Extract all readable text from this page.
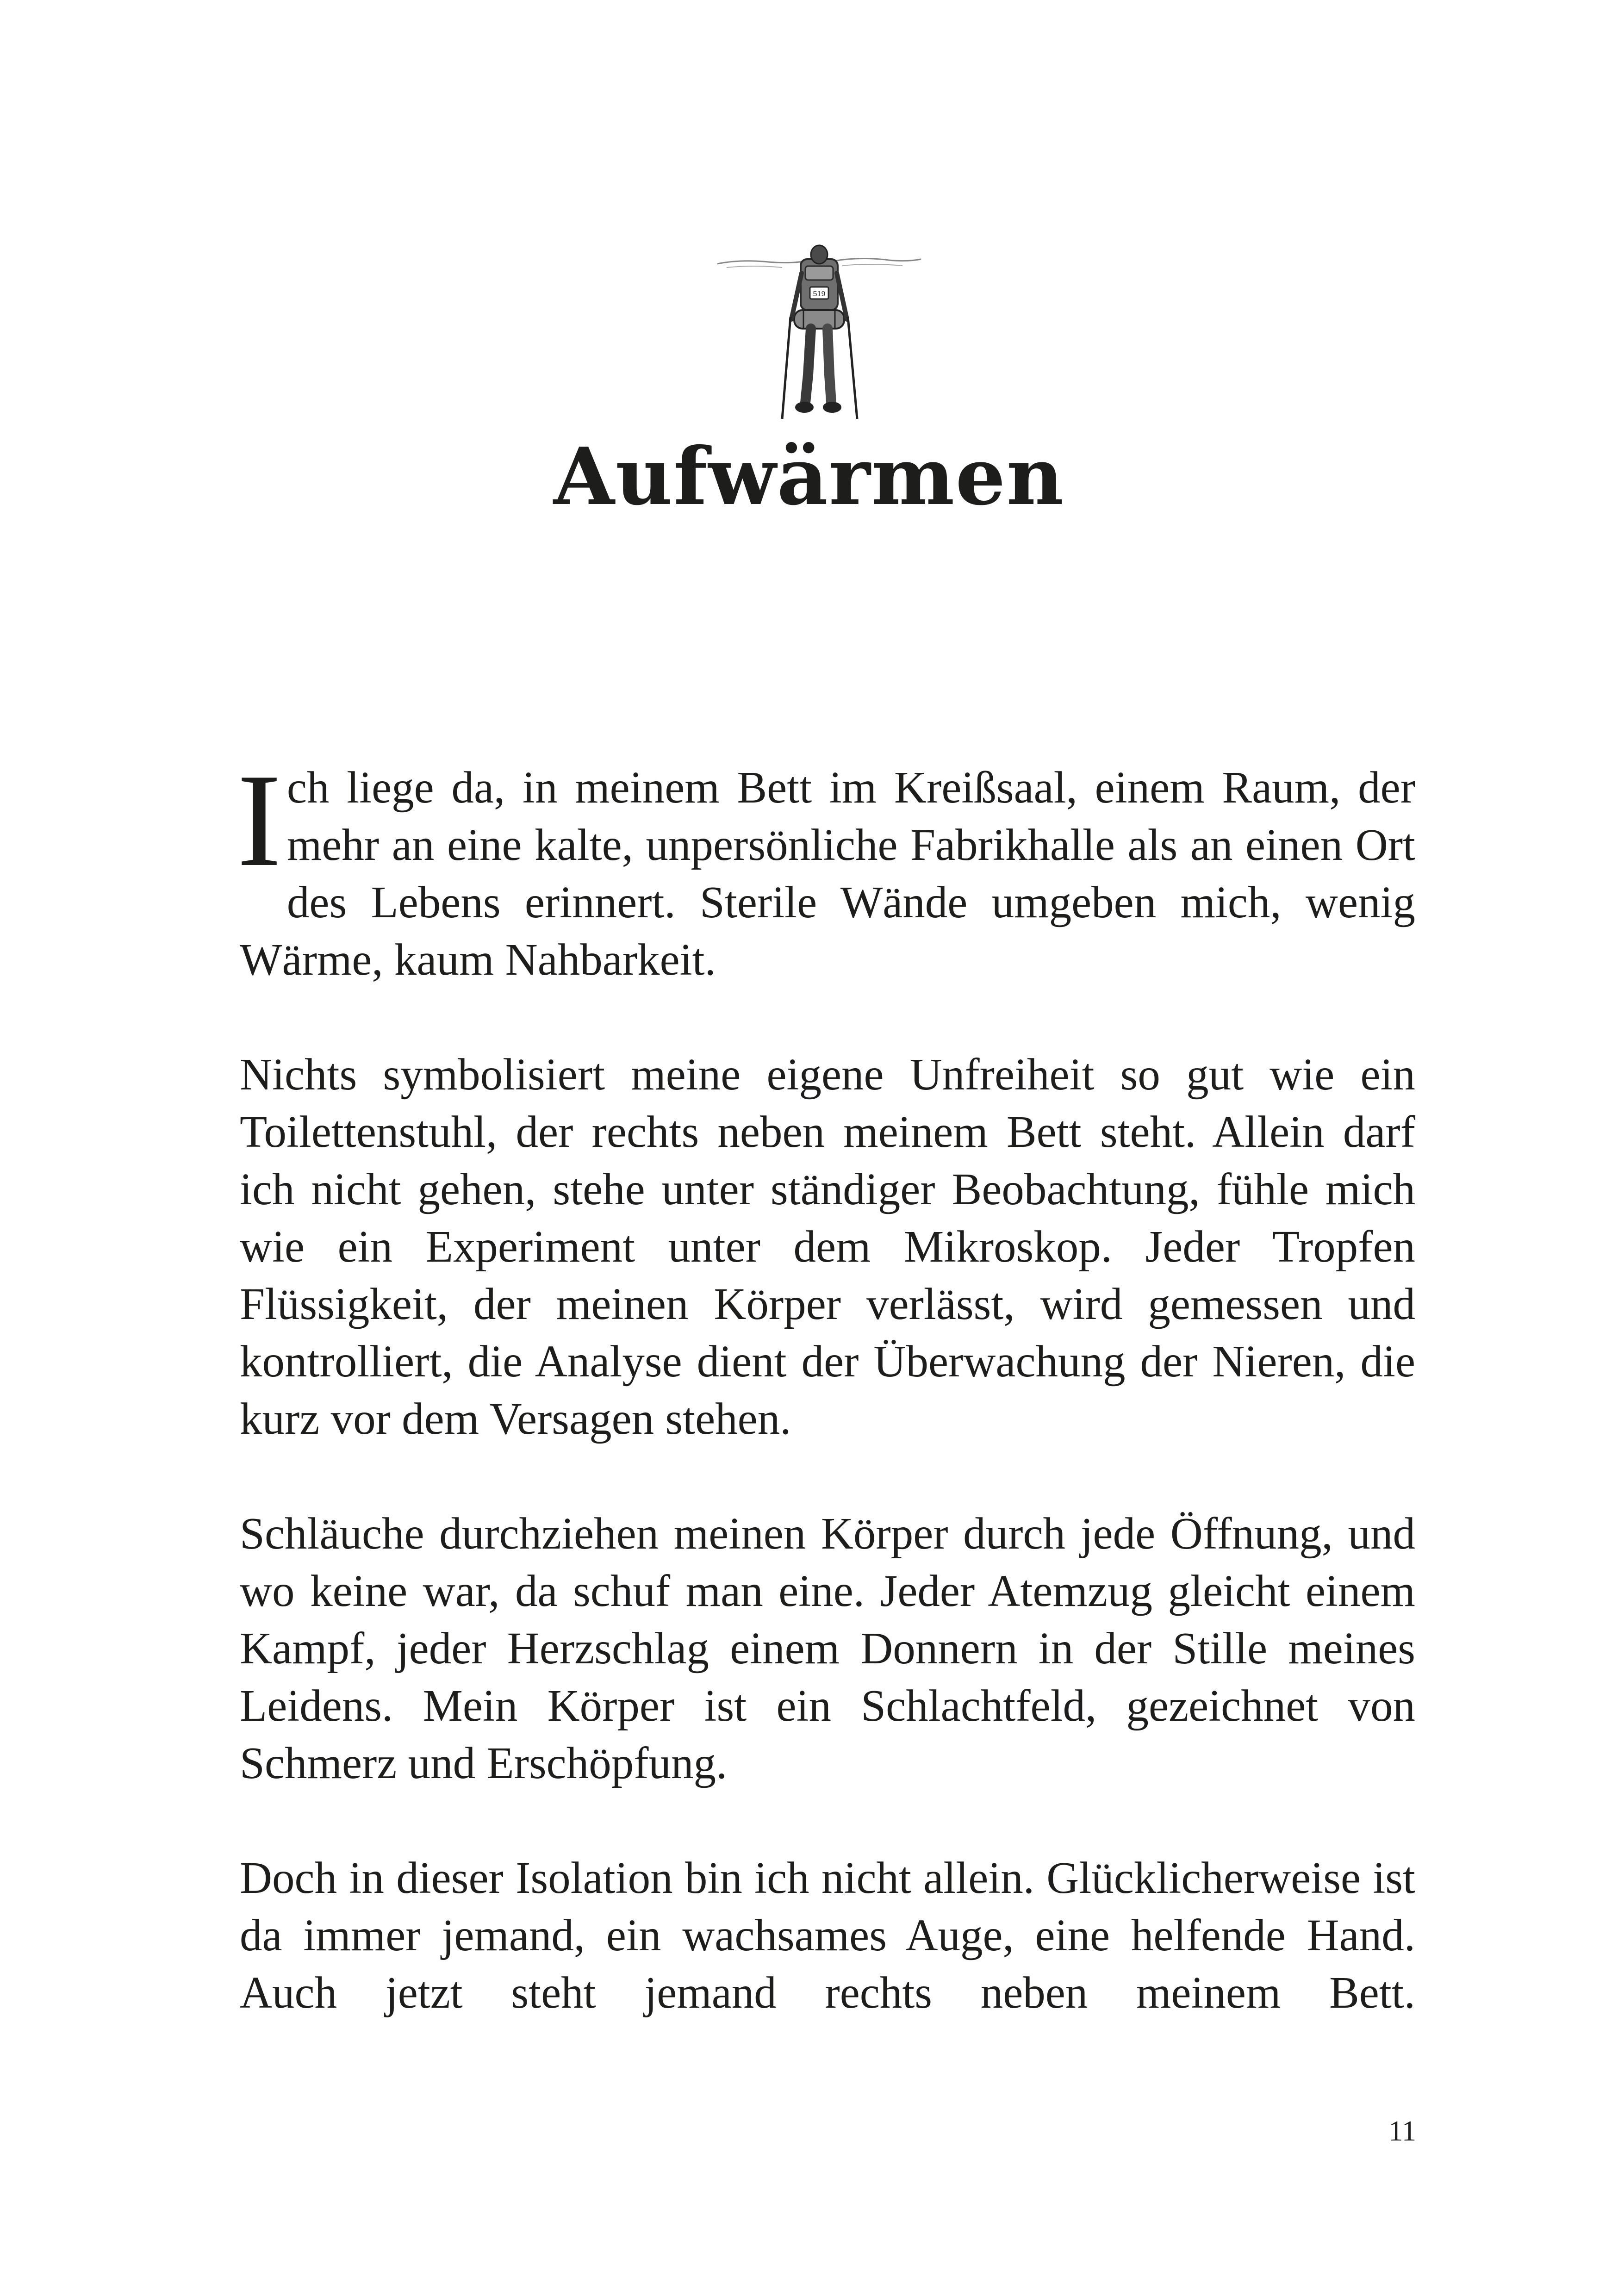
519
Aufwärmen

Ich liege da, in meinem Bett im Kreißsaal, einem Raum, der mehr an eine kalte, unpersönliche Fabrikhalle als an einen Ort des Lebens erinnert. Sterile Wände umgeben mich, wenig Wärme, kaum Nahbarkeit.

Nichts symbolisiert meine eigene Unfreiheit so gut wie ein Toilettenstuhl, der rechts neben meinem Bett steht. Allein darf ich nicht gehen, stehe unter ständiger Beobachtung, fühle mich wie ein Experiment unter dem Mikroskop. Jeder Tropfen Flüssigkeit, der meinen Körper verlässt, wird gemessen und kontrolliert, die Analyse dient der Überwachung der Nieren, die kurz vor dem Versagen stehen.

Schläuche durchziehen meinen Körper durch jede Öffnung, und wo keine war, da schuf man eine. Jeder Atemzug gleicht einem Kampf, jeder Herzschlag einem Donnern in der Stille meines Leidens. Mein Körper ist ein Schlachtfeld, gezeichnet von Schmerz und Erschöpfung.

Doch in dieser Isolation bin ich nicht allein. Glücklicherweise ist da immer jemand, ein wachsames Auge, eine helfende Hand. Auch jetzt steht jemand rechts neben meinem Bett.

11
